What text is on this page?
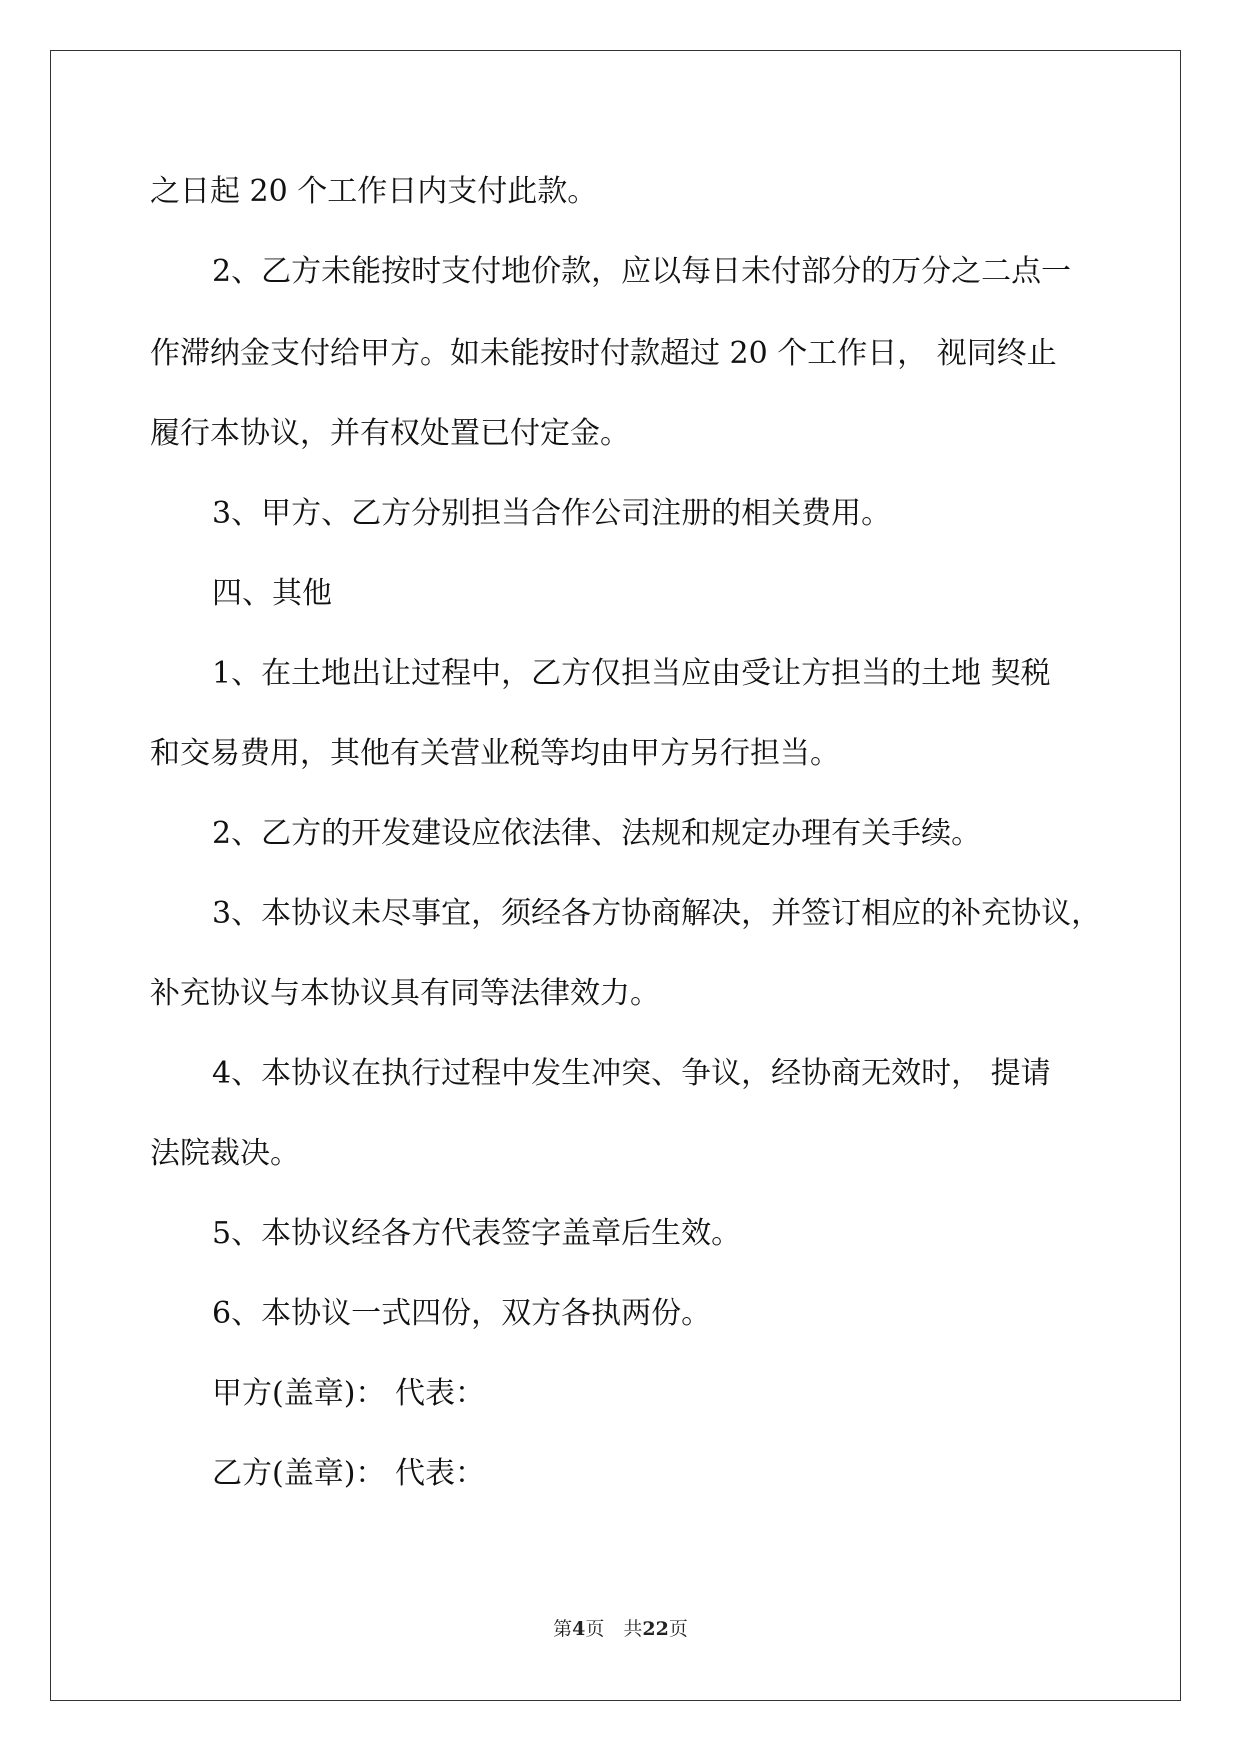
之日起 20 个工作日内支付此款。
2、乙方未能按时支付地价款，应以每日未付部分的万分之二点一
作滞纳金支付给甲方。如未能按时付款超过 20 个工作日， 视同终止
履行本协议，并有权处置已付定金。
3、甲方、乙方分别担当合作公司注册的相关费用。
四、其他
1、在土地出让过程中，乙方仅担当应由受让方担当的土地 契税
和交易费用，其他有关营业税等均由甲方另行担当。
2、乙方的开发建设应依法律、法规和规定办理有关手续。
3、本协议未尽事宜，须经各方协商解决，并签订相应的补充协议，
补充协议与本协议具有同等法律效力。
4、本协议在执行过程中发生冲突、争议，经协商无效时， 提请
法院裁决。
5、本协议经各方代表签字盖章后生效。
6、本协议一式四份，双方各执两份。
甲方(盖章)： 代表：
乙方(盖章)： 代表：
第4页　共22页
